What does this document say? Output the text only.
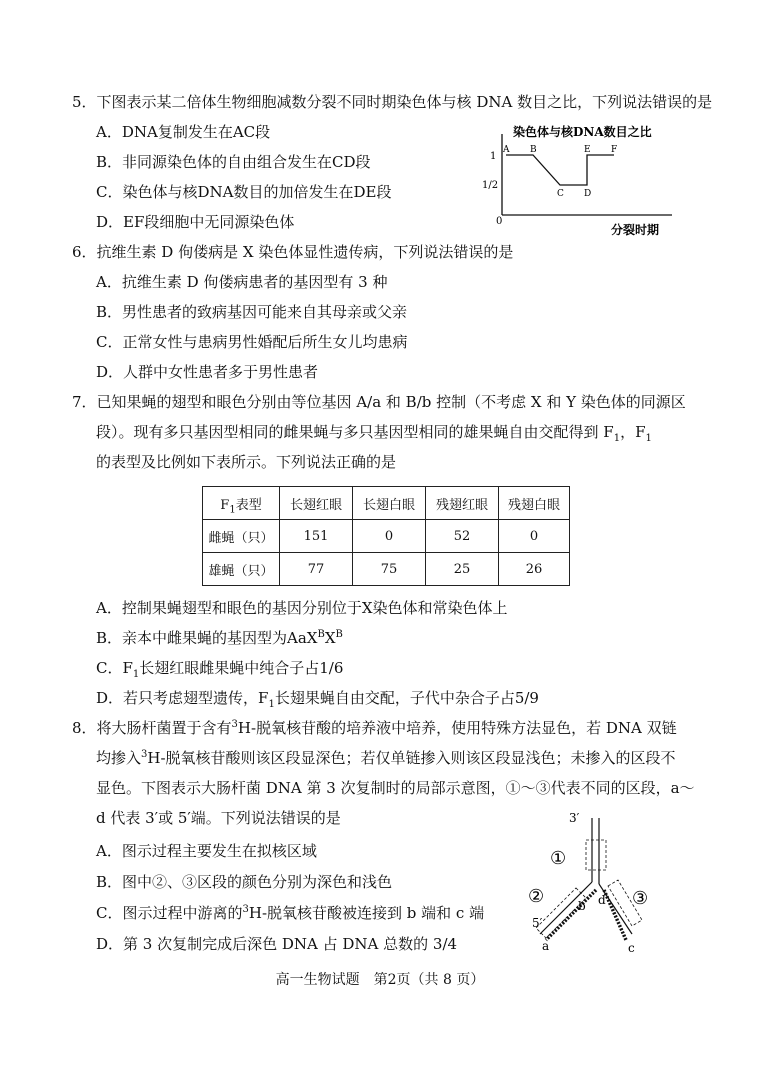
5．下图表示某二倍体生物细胞减数分裂不同时期染色体与核 DNA 数目之比，下列说法错误的是
A．DNA复制发生在AC段
B．非同源染色体的自由组合发生在CD段
C．染色体与核DNA数目的加倍发生在DE段
D．EF段细胞中无同源染色体
染色体与核DNA数目之比
1
1/2
0
A B
C D
E F
分裂时期
6．抗维生素 D 佝偻病是 X 染色体显性遗传病，下列说法错误的是
A．抗维生素 D 佝偻病患者的基因型有 3 种
B．男性患者的致病基因可能来自其母亲或父亲
C．正常女性与患病男性婚配后所生女儿均患病
D．人群中女性患者多于男性患者
7．已知果蝇的翅型和眼色分别由等位基因 A/a 和 B/b 控制（不考虑 X 和 Y 染色体的同源区
段）。现有多只基因型相同的雌果蝇与多只基因型相同的雄果蝇自由交配得到 $F_1$，$F_1$
的表型及比例如下表所示。下列说法正确的是
$F_1$表型	长翅红眼	长翅白眼	残翅红眼	残翅白眼
雌蝇（只）	151	0	52	0
雄蝇（只）	77	75	25	26
A．控制果蝇翅型和眼色的基因分别位于X染色体和常染色体上
B．亲本中雌果蝇的基因型为$AaX^BX^B$
C．$F_1$长翅红眼雌果蝇中纯合子占1/6
D．若只考虑翅型遗传，$F_1$长翅果蝇自由交配，子代中杂合子占5/9
8．将大肠杆菌置于含有$^3$H-脱氧核苷酸的培养液中培养，使用特殊方法显色，若 DNA 双链
均掺入$^3$H-脱氧核苷酸则该区段显深色；若仅单链掺入则该区段显浅色；未掺入的区段不
显色。下图表示大肠杆菌 DNA 第 3 次复制时的局部示意图，①～③代表不同的区段，a～
d 代表 3′或 5′端。下列说法错误的是
A．图示过程主要发生在拟核区域
B．图中②、③区段的颜色分别为深色和浅色
C．图示过程中游离的$^3$H-脱氧核苷酸被连接到 b 端和 c 端
D．第 3 次复制完成后深色 DNA 占 DNA 总数的 3/4
3′
①
②	③
5′
a
b d
c
高一生物试题　第2页（共 8 页）
